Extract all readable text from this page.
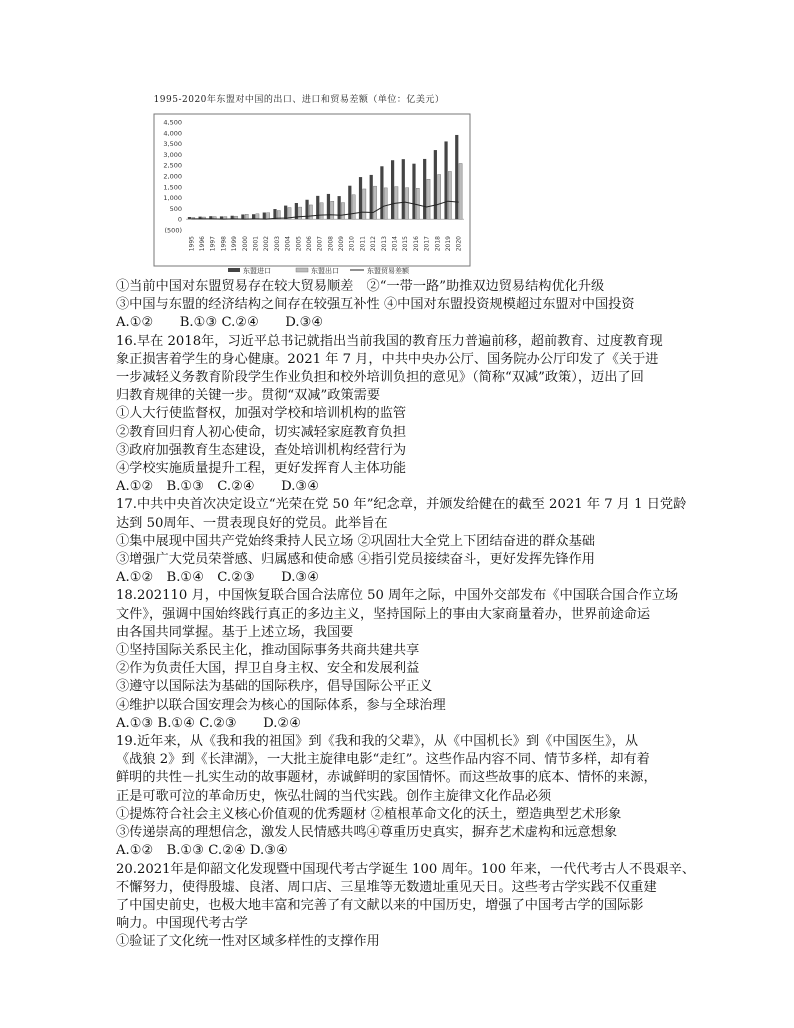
1995-2020年东盟对中国的出口、进口和贸易差额（单位：亿美元）
4,500
4,000
3,500
3,000
2,500
2,000
1,500
1,000
500
0
(500)
1995 1996 1997 1998 1999 2000 2001 2002 2003 2004 2005 2006 2007 2008 2009 2010 2011 2012 2013 2014 2015 2016 2017 2018 2019 2020
东盟进口	东盟出口	东盟贸易差额

①当前中国对东盟贸易存在较大贸易顺差　②“一带一路”助推双边贸易结构优化升级

③中国与东盟的经济结构之间存在较强互补性 ④中国对东盟投资规模超过东盟对中国投资

A.①②　　B.①③ C.②④　　D.③④

16.早在 2018年，习近平总书记就指出当前我国的教育压力普遍前移，超前教育、过度教育现

象正损害着学生的身心健康。2021 年 7 月，中共中央办公厅、国务院办公厅印发了《关于进

一步减轻义务教育阶段学生作业负担和校外培训负担的意见》（简称“双减”政策），迈出了回

归教育规律的关键一步。贯彻“双减”政策需要

①人大行使监督权，加强对学校和培训机构的监管

②教育回归育人初心使命，切实减轻家庭教育负担

③政府加强教育生态建设，查处培训机构经营行为

④学校实施质量提升工程，更好发挥育人主体功能

A.①②　B.①③　C.②④　　D.③④

17.中共中央首次决定设立“光荣在党 50 年”纪念章，并颁发给健在的截至 2021 年 7 月 1 日党龄

达到 50周年、一贯表现良好的党员。此举旨在

①集中展现中国共产党始终秉持人民立场 ②巩固壮大全党上下团结奋进的群众基础

③增强广大党员荣誉感、归属感和使命感 ④指引党员接续奋斗，更好发挥先锋作用

A.①②　B.①④　C.②③　　D.③④

18.202110 月，中国恢复联合国合法席位 50 周年之际，中国外交部发布《中国联合国合作立场

文件》，强调中国始终践行真正的多边主义，坚持国际上的事由大家商量着办，世界前途命运

由各国共同掌握。基于上述立场，我国要

①坚持国际关系民主化，推动国际事务共商共建共享

②作为负责任大国，捍卫自身主权、安全和发展利益

③遵守以国际法为基础的国际秩序，倡导国际公平正义

④维护以联合国安理会为核心的国际体系，参与全球治理

A.①③ B.①④ C.②③　　D.②④

19.近年来，从《我和我的祖国》到《我和我的父辈》，从《中国机长》到《中国医生》，从

《战狼 2》到《长津湖》，一大批主旋律电影“走红”。这些作品内容不同、情节多样，却有着

鲜明的共性－扎实生动的故事题材，赤诚鲜明的家国情怀。而这些故事的底本、情怀的来源，

正是可歌可泣的革命历史，恢弘壮阔的当代实践。创作主旋律文化作品必须

①提炼符合社会主义核心价值观的优秀题材 ②植根革命文化的沃土，塑造典型艺术形象

③传递崇高的理想信念，激发人民情感共鸣④尊重历史真实，摒弃艺术虚构和远意想象

A.①②　B.①③ C.②④ D.③④

20.2021年是仰韶文化发现暨中国现代考古学诞生 100 周年。100 年来，一代代考古人不畏艰辛、

不懈努力，使得殷墟、良渚、周口店、三星堆等无数遗址重见天日。这些考古学实践不仅重建

了中国史前史，也极大地丰富和完善了有文献以来的中国历史，增强了中国考古学的国际影

响力。中国现代考古学

①验证了文化统一性对区域多样性的支撑作用
